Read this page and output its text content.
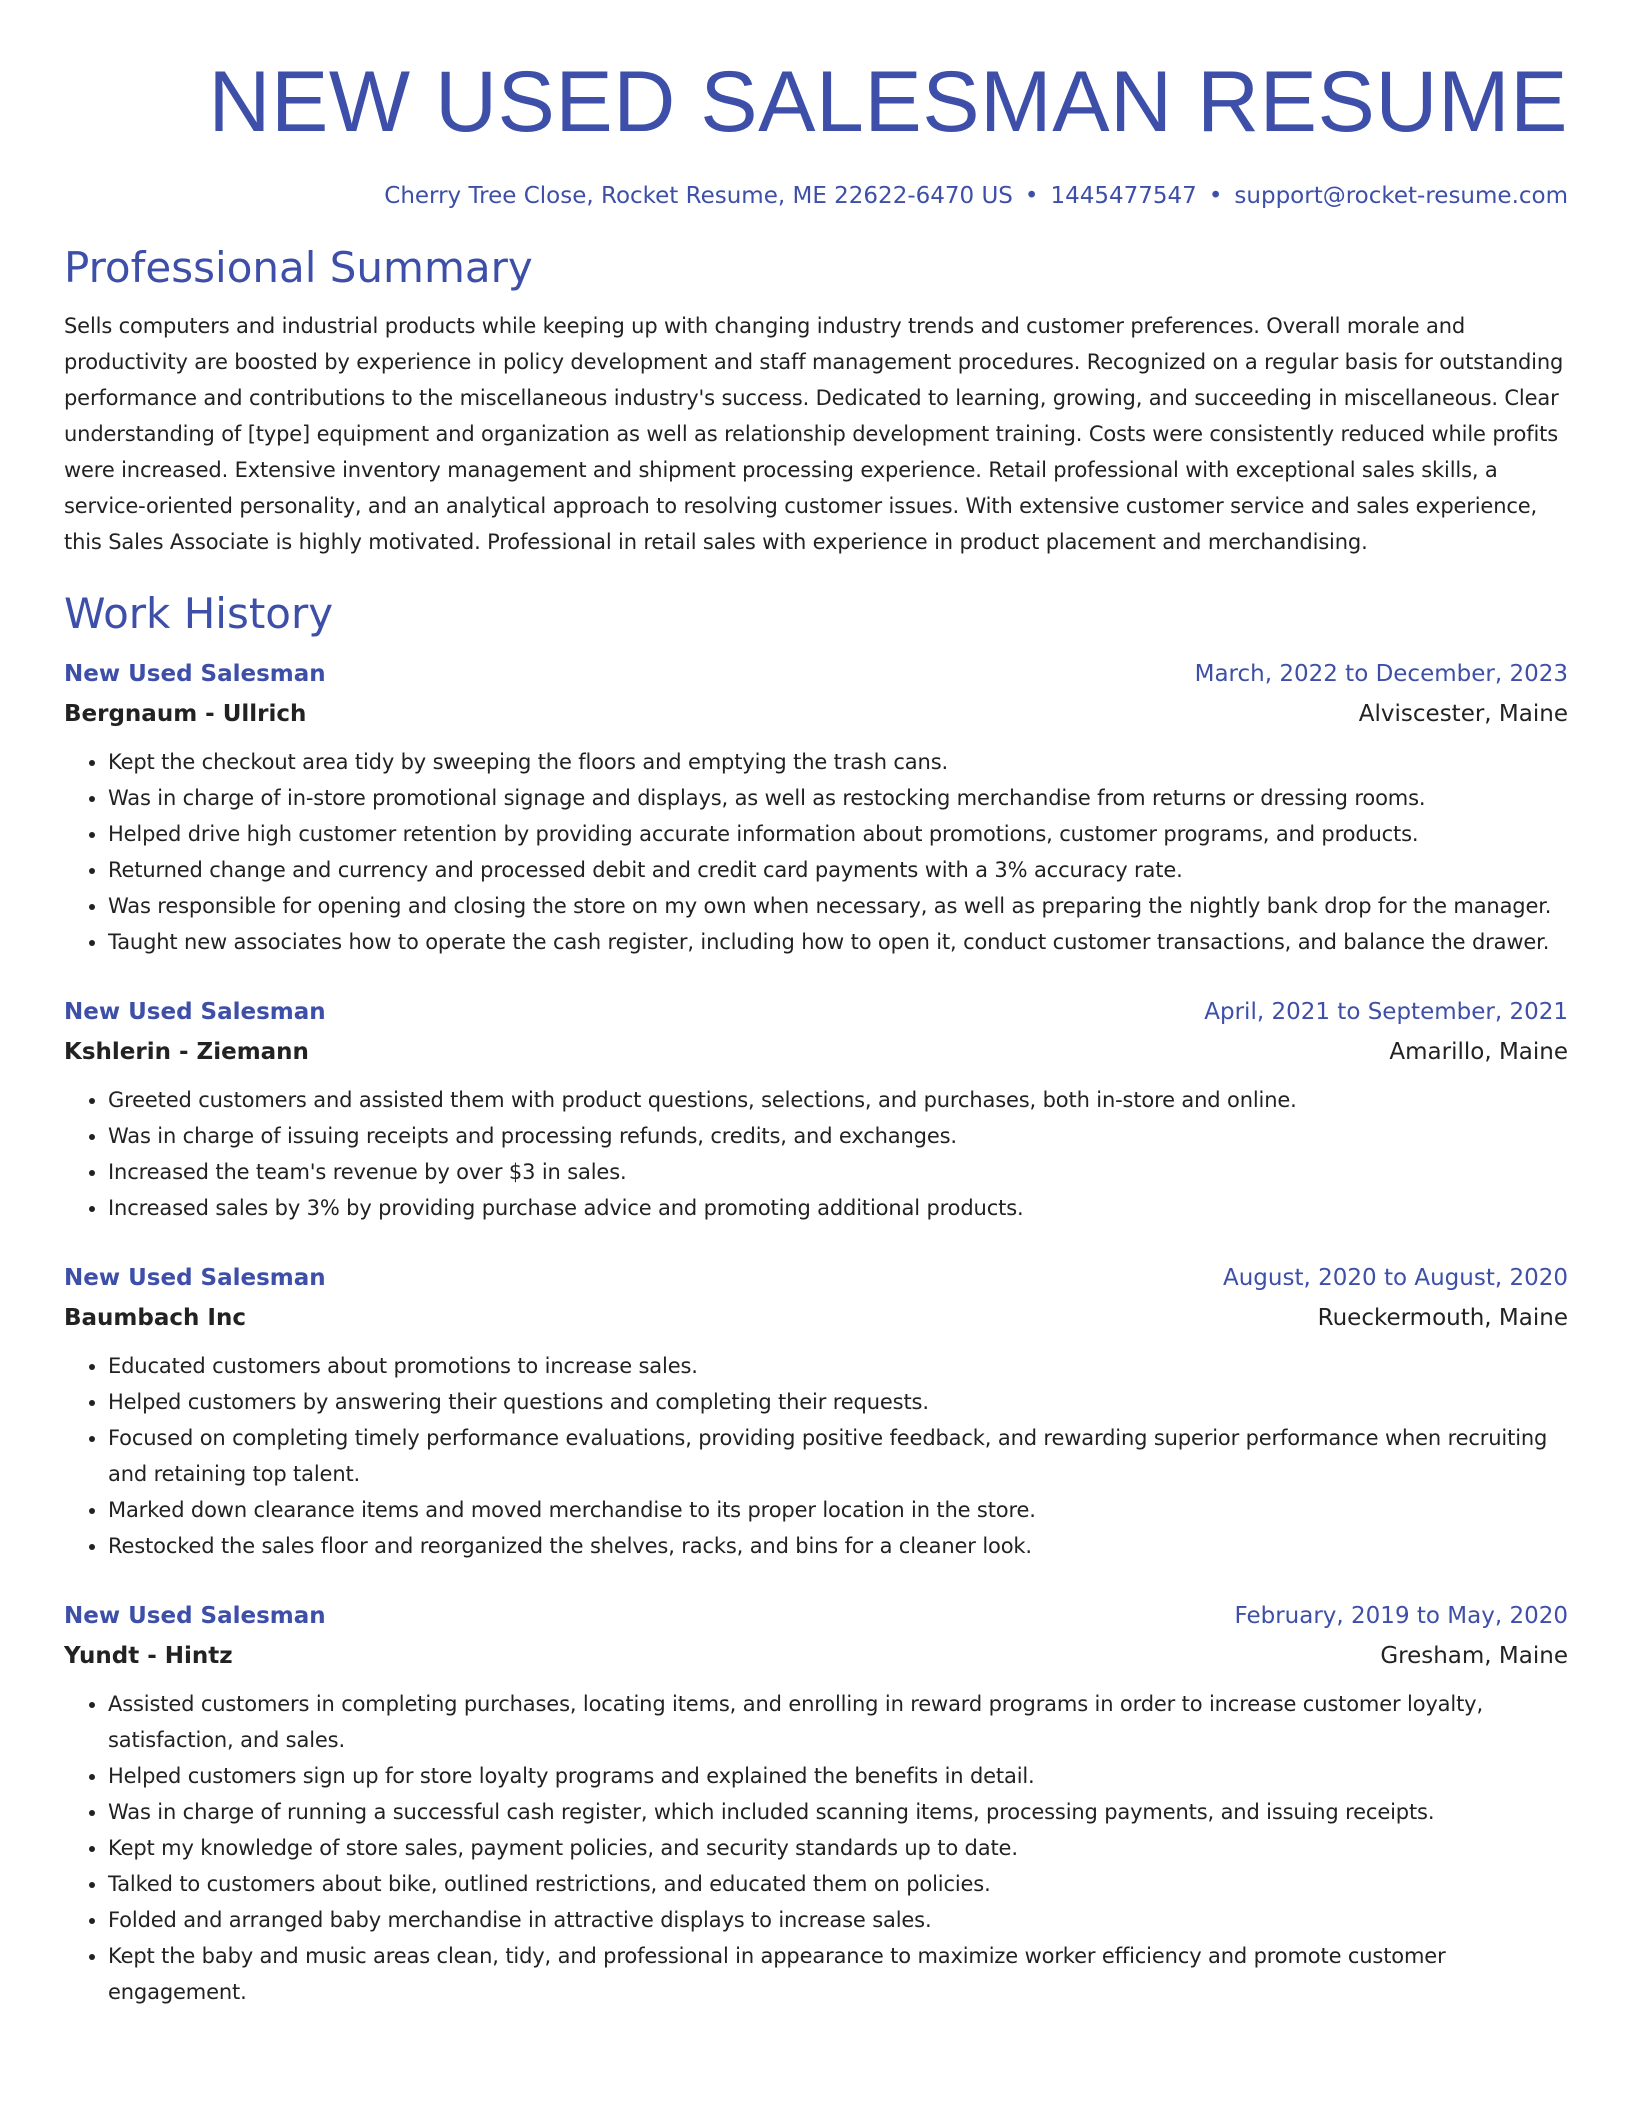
NEW USED SALESMAN RESUME
Cherry Tree Close, Rocket Resume, ME 22622-6470 US • 1445477547 • support@rocket-resume.com
Professional Summary

Sells computers and industrial products while keeping up with changing industry trends and customer preferences. Overall morale and productivity are boosted by experience in policy development and staff management procedures. Recognized on a regular basis for outstanding performance and contributions to the miscellaneous industry's success. Dedicated to learning, growing, and succeeding in miscellaneous. Clear understanding of [type] equipment and organization as well as relationship development training. Costs were consistently reduced while profits were increased. Extensive inventory management and shipment processing experience. Retail professional with exceptional sales skills, a service-oriented personality, and an analytical approach to resolving customer issues. With extensive customer service and sales experience, this Sales Associate is highly motivated. Professional in retail sales with experience in product placement and merchandising.

Work History
New Used Salesman	March, 2022 to December, 2023
Bergnaum - Ullrich	Alviscester, Maine
• Kept the checkout area tidy by sweeping the floors and emptying the trash cans.
• Was in charge of in-store promotional signage and displays, as well as restocking merchandise from returns or dressing rooms.
• Helped drive high customer retention by providing accurate information about promotions, customer programs, and products.
• Returned change and currency and processed debit and credit card payments with a 3% accuracy rate.
• Was responsible for opening and closing the store on my own when necessary, as well as preparing the nightly bank drop for the manager.
• Taught new associates how to operate the cash register, including how to open it, conduct customer transactions, and balance the drawer.
New Used Salesman	April, 2021 to September, 2021
Kshlerin - Ziemann	Amarillo, Maine
• Greeted customers and assisted them with product questions, selections, and purchases, both in-store and online.
• Was in charge of issuing receipts and processing refunds, credits, and exchanges.
• Increased the team's revenue by over $3 in sales.
• Increased sales by 3% by providing purchase advice and promoting additional products.
New Used Salesman	August, 2020 to August, 2020
Baumbach Inc	Rueckermouth, Maine
• Educated customers about promotions to increase sales.
• Helped customers by answering their questions and completing their requests.
• Focused on completing timely performance evaluations, providing positive feedback, and rewarding superior performance when recruiting and retaining top talent.
• Marked down clearance items and moved merchandise to its proper location in the store.
• Restocked the sales floor and reorganized the shelves, racks, and bins for a cleaner look.
New Used Salesman	February, 2019 to May, 2020
Yundt - Hintz	Gresham, Maine
• Assisted customers in completing purchases, locating items, and enrolling in reward programs in order to increase customer loyalty, satisfaction, and sales.
• Helped customers sign up for store loyalty programs and explained the benefits in detail.
• Was in charge of running a successful cash register, which included scanning items, processing payments, and issuing receipts.
• Kept my knowledge of store sales, payment policies, and security standards up to date.
• Talked to customers about bike, outlined restrictions, and educated them on policies.
• Folded and arranged baby merchandise in attractive displays to increase sales.
• Kept the baby and music areas clean, tidy, and professional in appearance to maximize worker efficiency and promote customer engagement.
